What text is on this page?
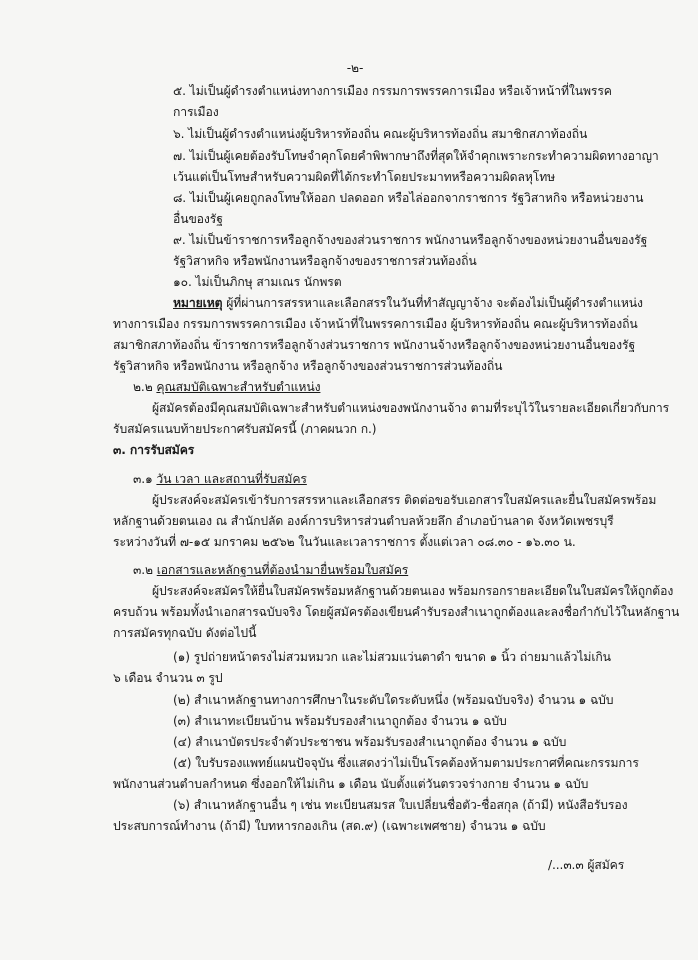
-๒-
๕. ไม่เป็นผู้ดำรงตำแหน่งทางการเมือง กรรมการพรรคการเมือง หรือเจ้าหน้าที่ในพรรค
การเมือง
๖. ไม่เป็นผู้ดำรงตำแหน่งผู้บริหารท้องถิ่น คณะผู้บริหารท้องถิ่น สมาชิกสภาท้องถิ่น
๗. ไม่เป็นผู้เคยต้องรับโทษจำคุกโดยคำพิพากษาถึงที่สุดให้จำคุกเพราะกระทำความผิดทางอาญา
เว้นแต่เป็นโทษสำหรับความผิดที่ได้กระทำโดยประมาทหรือความผิดลหุโทษ
๘. ไม่เป็นผู้เคยถูกลงโทษให้ออก ปลดออก หรือไล่ออกจากราชการ รัฐวิสาหกิจ หรือหน่วยงาน
อื่นของรัฐ
๙. ไม่เป็นข้าราชการหรือลูกจ้างของส่วนราชการ พนักงานหรือลูกจ้างของหน่วยงานอื่นของรัฐ
รัฐวิสาหกิจ หรือพนักงานหรือลูกจ้างของราชการส่วนท้องถิ่น
๑๐. ไม่เป็นภิกษุ สามเณร นักพรต
หมายเหตุ ผู้ที่ผ่านการสรรหาและเลือกสรรในวันที่ทำสัญญาจ้าง จะต้องไม่เป็นผู้ดำรงตำแหน่ง
ทางการเมือง กรรมการพรรคการเมือง เจ้าหน้าที่ในพรรคการเมือง ผู้บริหารท้องถิ่น คณะผู้บริหารท้องถิ่น
สมาชิกสภาท้องถิ่น ข้าราชการหรือลูกจ้างส่วนราชการ พนักงานจ้างหรือลูกจ้างของหน่วยงานอื่นของรัฐ
รัฐวิสาหกิจ หรือพนักงาน หรือลูกจ้าง หรือลูกจ้างของส่วนราชการส่วนท้องถิ่น
๒.๒ คุณสมบัติเฉพาะสำหรับตำแหน่ง
ผู้สมัครต้องมีคุณสมบัติเฉพาะสำหรับตำแหน่งของพนักงานจ้าง ตามที่ระบุไว้ในรายละเอียดเกี่ยวกับการ
รับสมัครแนบท้ายประกาศรับสมัครนี้ (ภาคผนวก ก.)
๓. การรับสมัคร
๓.๑ วัน เวลา และสถานที่รับสมัคร
ผู้ประสงค์จะสมัครเข้ารับการสรรหาและเลือกสรร ติดต่อขอรับเอกสารใบสมัครและยื่นใบสมัครพร้อม
หลักฐานด้วยตนเอง ณ สำนักปลัด องค์การบริหารส่วนตำบลห้วยลึก อำเภอบ้านลาด จังหวัดเพชรบุรี
ระหว่างวันที่ ๗-๑๕ มกราคม ๒๕๖๒ ในวันและเวลาราชการ ตั้งแต่เวลา ๐๘.๓๐ - ๑๖.๓๐ น.
๓.๒ เอกสารและหลักฐานที่ต้องนำมายื่นพร้อมใบสมัคร
ผู้ประสงค์จะสมัครให้ยื่นใบสมัครพร้อมหลักฐานด้วยตนเอง พร้อมกรอกรายละเอียดในใบสมัครให้ถูกต้อง
ครบถ้วน พร้อมทั้งนำเอกสารฉบับจริง โดยผู้สมัครต้องเขียนคำรับรองสำเนาถูกต้องและลงชื่อกำกับไว้ในหลักฐาน
การสมัครทุกฉบับ ดังต่อไปนี้
(๑) รูปถ่ายหน้าตรงไม่สวมหมวก และไม่สวมแว่นตาดำ ขนาด ๑ นิ้ว ถ่ายมาแล้วไม่เกิน
๖ เดือน จำนวน ๓ รูป
(๒) สำเนาหลักฐานทางการศึกษาในระดับใดระดับหนึ่ง (พร้อมฉบับจริง) จำนวน ๑ ฉบับ
(๓) สำเนาทะเบียนบ้าน พร้อมรับรองสำเนาถูกต้อง จำนวน ๑ ฉบับ
(๔) สำเนาบัตรประจำตัวประชาชน พร้อมรับรองสำเนาถูกต้อง จำนวน ๑ ฉบับ
(๕) ใบรับรองแพทย์แผนปัจจุบัน ซึ่งแสดงว่าไม่เป็นโรคต้องห้ามตามประกาศที่คณะกรรมการ
พนักงานส่วนตำบลกำหนด ซึ่งออกให้ไม่เกิน ๑ เดือน นับตั้งแต่วันตรวจร่างกาย จำนวน ๑ ฉบับ
(๖) สำเนาหลักฐานอื่น ๆ เช่น ทะเบียนสมรส ใบเปลี่ยนชื่อตัว-ชื่อสกุล (ถ้ามี) หนังสือรับรอง
ประสบการณ์ทำงาน (ถ้ามี) ใบทหารกองเกิน (สด.๙) (เฉพาะเพศชาย) จำนวน ๑ ฉบับ
/...๓.๓ ผู้สมัคร
